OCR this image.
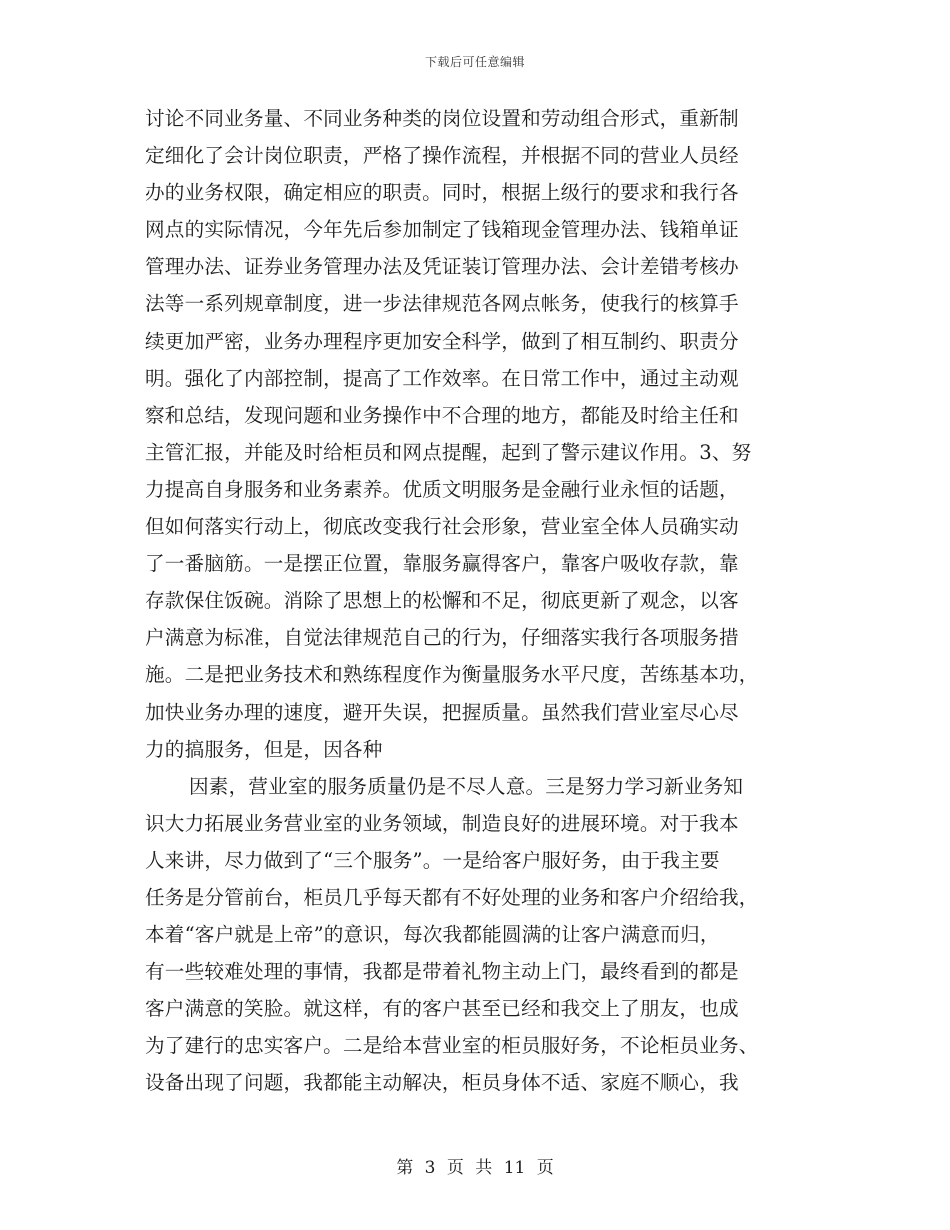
下载后可任意编辑
讨论不同业务量、不同业务种类的岗位设置和劳动组合形式，重新制
定细化了会计岗位职责，严格了操作流程，并根据不同的营业人员经
办的业务权限，确定相应的职责。同时，根据上级行的要求和我行各
网点的实际情况，今年先后参加制定了钱箱现金管理办法、钱箱单证
管理办法、证券业务管理办法及凭证装订管理办法、会计差错考核办
法等一系列规章制度，进一步法律规范各网点帐务，使我行的核算手
续更加严密，业务办理程序更加安全科学，做到了相互制约、职责分
明。强化了内部控制，提高了工作效率。在日常工作中，通过主动观
察和总结，发现问题和业务操作中不合理的地方，都能及时给主任和
主管汇报，并能及时给柜员和网点提醒，起到了警示建议作用。3、努
力提高自身服务和业务素养。优质文明服务是金融行业永恒的话题，
但如何落实行动上，彻底改变我行社会形象，营业室全体人员确实动
了一番脑筋。一是摆正位置，靠服务赢得客户，靠客户吸收存款，靠
存款保住饭碗。消除了思想上的松懈和不足，彻底更新了观念，以客
户满意为标准，自觉法律规范自己的行为，仔细落实我行各项服务措
施。二是把业务技术和熟练程度作为衡量服务水平尺度，苦练基本功，
加快业务办理的速度，避开失误，把握质量。虽然我们营业室尽心尽
力的搞服务，但是，因各种
因素，营业室的服务质量仍是不尽人意。三是努力学习新业务知
识大力拓展业务营业室的业务领域，制造良好的进展环境。对于我本
人来讲，尽力做到了“三个服务”。一是给客户服好务，由于我主要
任务是分管前台，柜员几乎每天都有不好处理的业务和客户介绍给我，
本着“客户就是上帝”的意识，每次我都能圆满的让客户满意而归，
有一些较难处理的事情，我都是带着礼物主动上门，最终看到的都是
客户满意的笑脸。就这样，有的客户甚至已经和我交上了朋友，也成
为了建行的忠实客户。二是给本营业室的柜员服好务，不论柜员业务、
设备出现了问题，我都能主动解决，柜员身体不适、家庭不顺心，我
第 3 页 共 11 页
